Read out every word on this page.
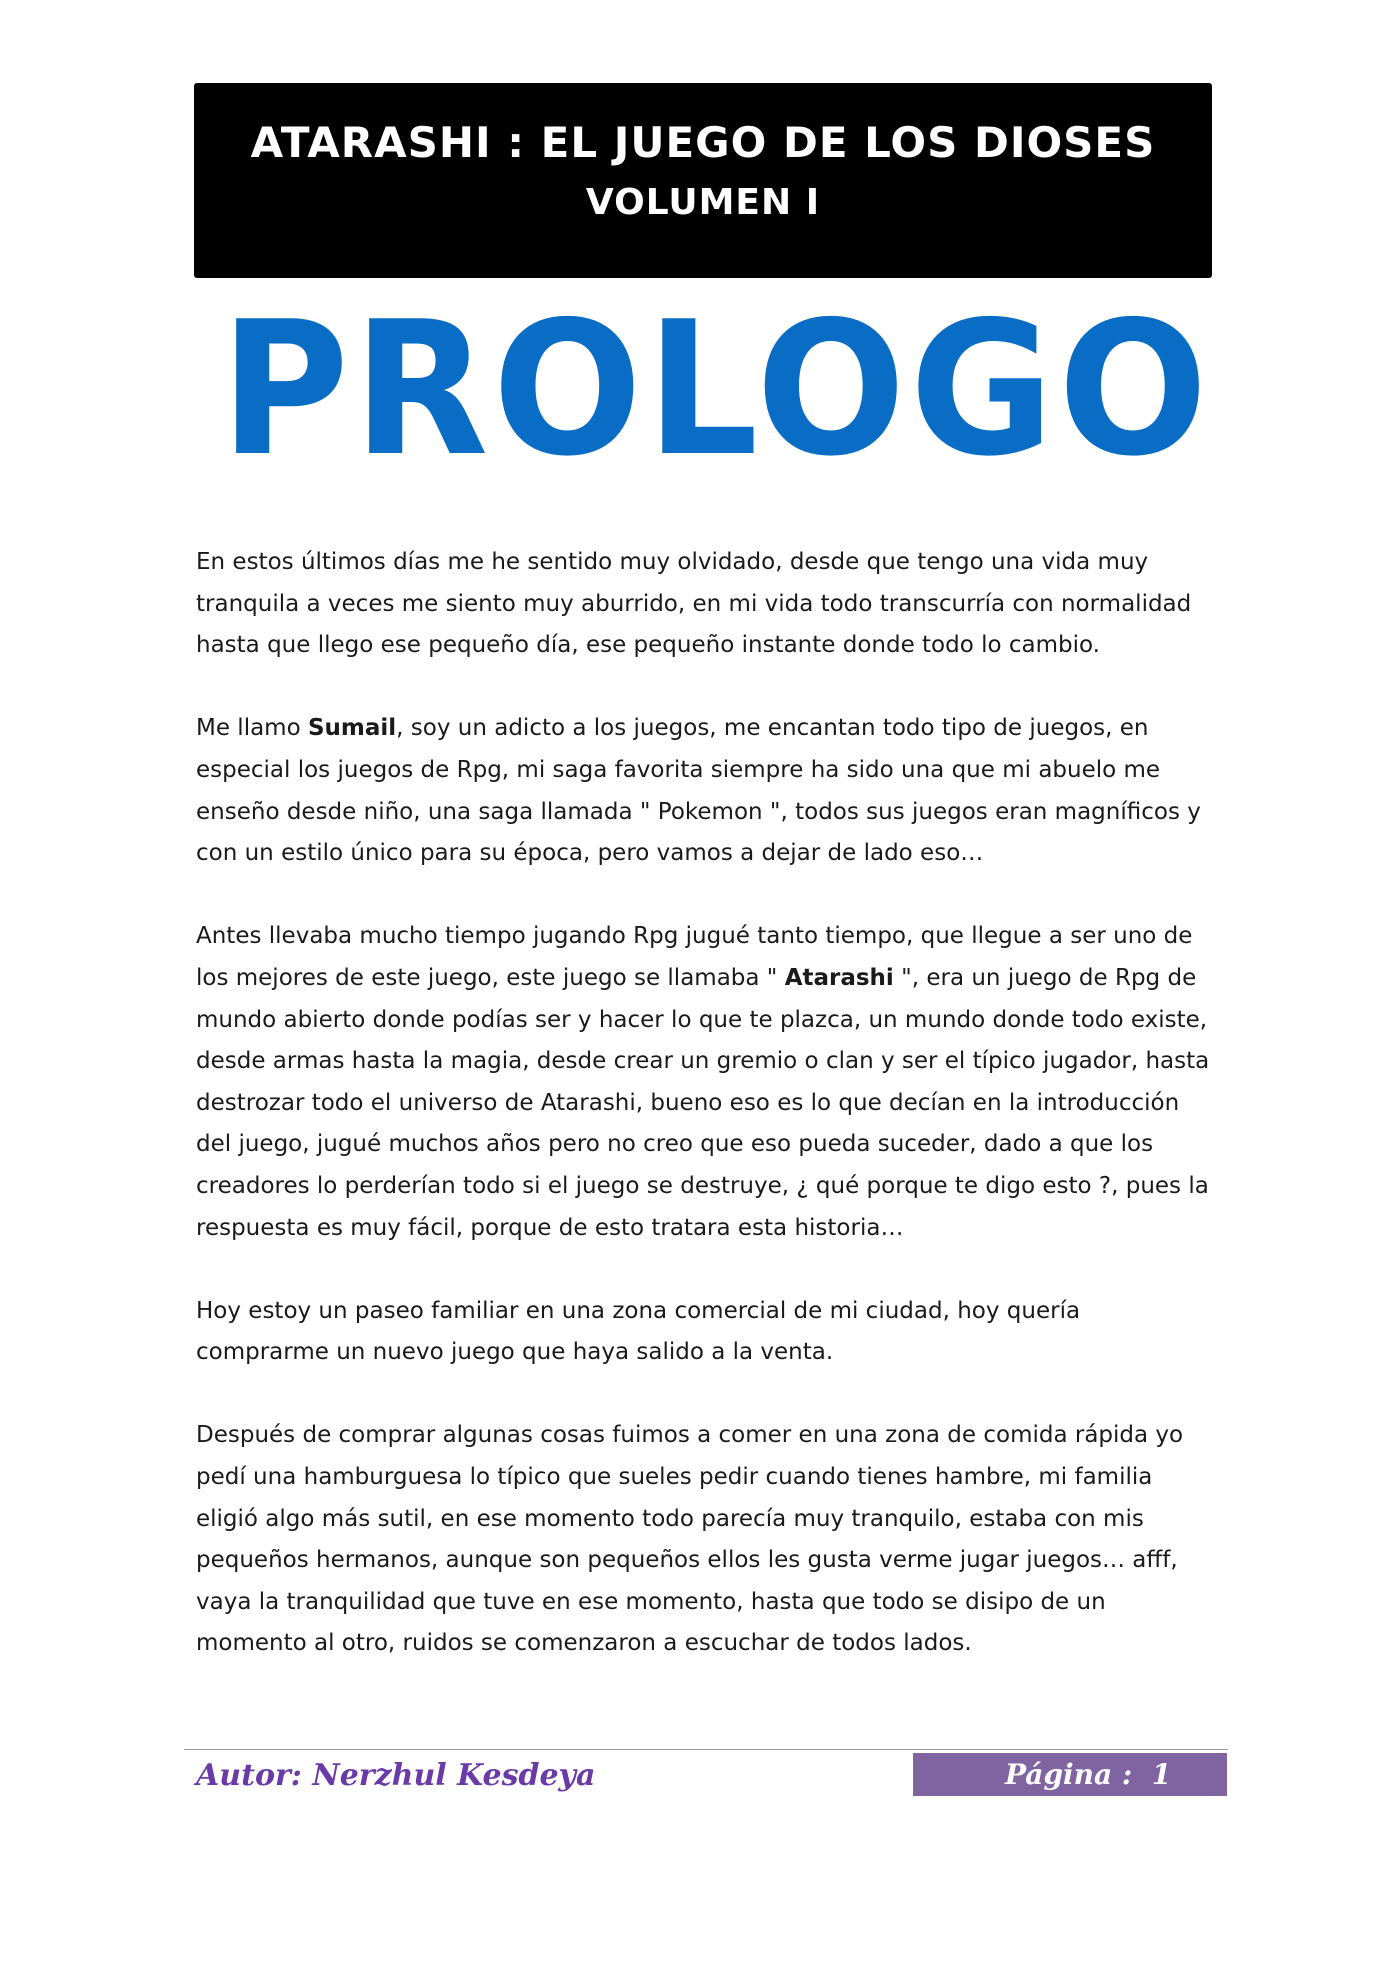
ATARASHI : EL JUEGO DE LOS DIOSES
VOLUMEN I
PROLOGO

En estos últimos días me he sentido muy olvidado, desde que tengo una vida muy tranquila a veces me siento muy aburrido, en mi vida todo transcurría con normalidad hasta que llego ese pequeño día, ese pequeño instante donde todo lo cambio.

Me llamo Sumail, soy un adicto a los juegos, me encantan todo tipo de juegos, en especial los juegos de Rpg, mi saga favorita siempre ha sido una que mi abuelo me enseño desde niño, una saga llamada " Pokemon ", todos sus juegos eran magníficos y con un estilo único para su época, pero vamos a dejar de lado eso…

Antes llevaba mucho tiempo jugando Rpg jugué tanto tiempo, que llegue a ser uno de los mejores de este juego, este juego se llamaba " Atarashi ", era un juego de Rpg de mundo abierto donde podías ser y hacer lo que te plazca, un mundo donde todo existe, desde armas hasta la magia, desde crear un gremio o clan y ser el típico jugador, hasta destrozar todo el universo de Atarashi, bueno eso es lo que decían en la introducción del juego, jugué muchos años pero no creo que eso pueda suceder, dado a que los creadores lo perderían todo si el juego se destruye, ¿ qué porque te digo esto ?, pues la respuesta es muy fácil, porque de esto tratara esta historia…

Hoy estoy un paseo familiar en una zona comercial de mi ciudad, hoy quería comprarme un nuevo juego que haya salido a la venta.

Después de comprar algunas cosas fuimos a comer en una zona de comida rápida yo pedí una hamburguesa lo típico que sueles pedir cuando tienes hambre, mi familia eligió algo más sutil, en ese momento todo parecía muy tranquilo, estaba con mis pequeños hermanos, aunque son pequeños ellos les gusta verme jugar juegos… afff, vaya la tranquilidad que tuve en ese momento, hasta que todo se disipo de un momento al otro, ruidos se comenzaron a escuchar de todos lados.

Autor: Nerzhul Kesdeya	Página :  1
